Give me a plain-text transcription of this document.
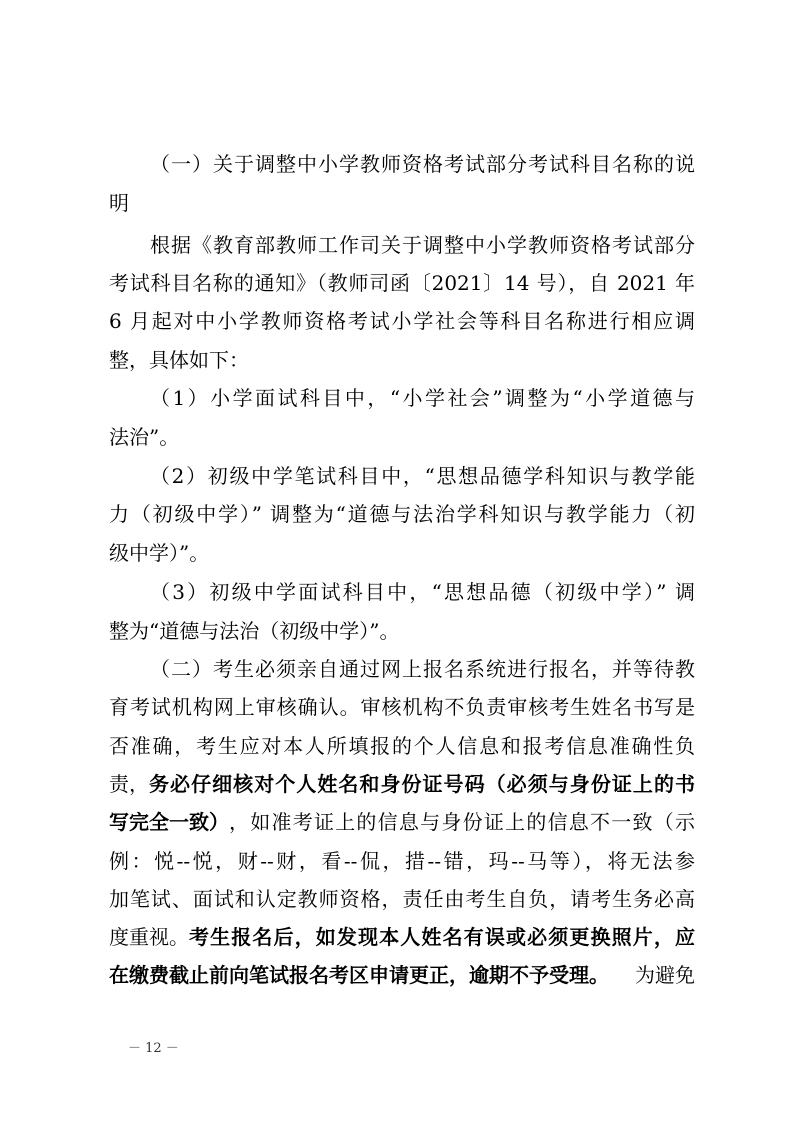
（一）关于调整中小学教师资格考试部分考试科目名称的说
明
根据《教育部教师工作司关于调整中小学教师资格考试部分
考试科目名称的通知》（教师司函〔2021〕14 号），自 2021 年
6 月起对中小学教师资格考试小学社会等科目名称进行相应调
整，具体如下：
（1）小学面试科目中，“小学社会”调整为“小学道德与
法治”。
（2）初级中学笔试科目中，“思想品德学科知识与教学能
力（初级中学）” 调整为“道德与法治学科知识与教学能力（初
级中学）”。
（3）初级中学面试科目中，“思想品德（初级中学）” 调
整为“道德与法治（初级中学）”。
（二）考生必须亲自通过网上报名系统进行报名，并等待教
育考试机构网上审核确认。审核机构不负责审核考生姓名书写是
否准确，考生应对本人所填报的个人信息和报考信息准确性负
责， 务必仔细核对个人姓名和身份证号码（必须与身份证上的书
写完全一致） ，如准考证上的信息与身份证上的信息不一致（示
例：悦--悦，财--财，看--侃，措--错，玛--马等），将无法参
加笔试、面试和认定教师资格，责任由考生自负，请考生务必高
度重视。 考生报名后，如发现本人姓名有误或必须更换照片，应
在缴费截止前向笔试报名考区申请更正，逾期不予受理。	为避免
－ 12 －
